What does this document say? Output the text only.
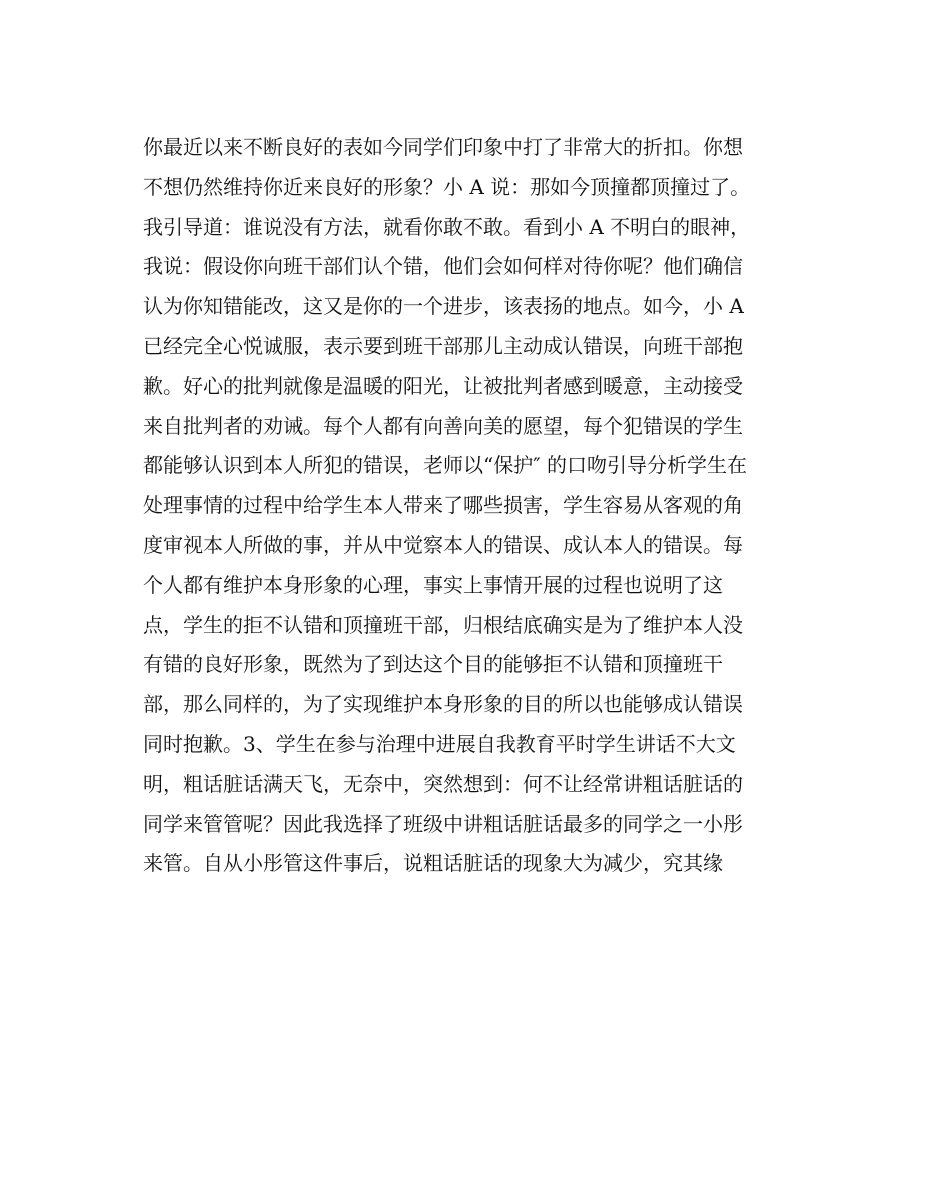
你最近以来不断良好的表如今同学们印象中打了非常大的折扣。你想
不想仍然维持你近来良好的形象？小 A 说：那如今顶撞都顶撞过了。
我引导道：谁说没有方法，就看你敢不敢。看到小 A 不明白的眼神，
我说：假设你向班干部们认个错，他们会如何样对待你呢？他们确信
认为你知错能改，这又是你的一个进步，该表扬的地点。如今，小 A
已经完全心悦诚服，表示要到班干部那儿主动成认错误，向班干部抱
歉。好心的批判就像是温暖的阳光，让被批判者感到暖意，主动接受
来自批判者的劝诫。每个人都有向善向美的愿望，每个犯错误的学生
都能够认识到本人所犯的错误，老师以“保护″ 的口吻引导分析学生在
处理事情的过程中给学生本人带来了哪些损害，学生容易从客观的角
度审视本人所做的事，并从中觉察本人的错误、成认本人的错误。每
个人都有维护本身形象的心理，事实上事情开展的过程也说明了这
点，学生的拒不认错和顶撞班干部，归根结底确实是为了维护本人没
有错的良好形象，既然为了到达这个目的能够拒不认错和顶撞班干
部，那么同样的，为了实现维护本身形象的目的所以也能够成认错误
同时抱歉。3、学生在参与治理中进展自我教育平时学生讲话不大文
明，粗话脏话满天飞，无奈中，突然想到：何不让经常讲粗话脏话的
同学来管管呢？因此我选择了班级中讲粗话脏话最多的同学之一小彤
来管。自从小彤管这件事后，说粗话脏话的现象大为减少，究其缘
